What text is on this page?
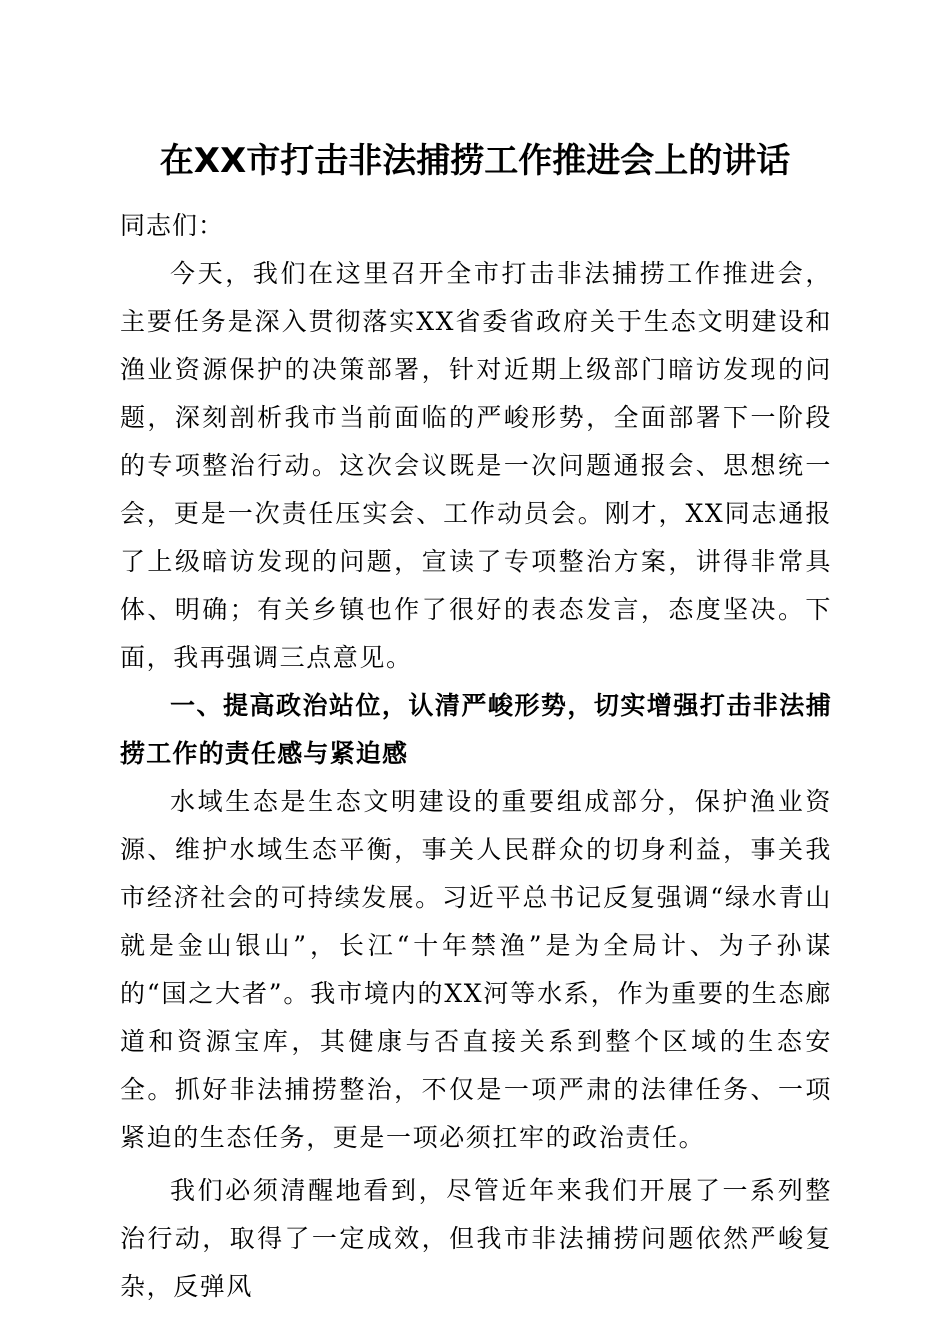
在XX市打击非法捕捞工作推进会上的讲话

同志们：

今天，我们在这里召开全市打击非法捕捞工作推进会，主要任务是深入贯彻落实XX省委省政府关于生态文明建设和渔业资源保护的决策部署，针对近期上级部门暗访发现的问题，深刻剖析我市当前面临的严峻形势，全面部署下一阶段的专项整治行动。这次会议既是一次问题通报会、思想统一会，更是一次责任压实会、工作动员会。刚才，XX同志通报了上级暗访发现的问题，宣读了专项整治方案，讲得非常具体、明确；有关乡镇也作了很好的表态发言，态度坚决。下面，我再强调三点意见。

一、提高政治站位，认清严峻形势，切实增强打击非法捕捞工作的责任感与紧迫感

水域生态是生态文明建设的重要组成部分，保护渔业资源、维护水域生态平衡，事关人民群众的切身利益，事关我市经济社会的可持续发展。习近平总书记反复强调“绿水青山就是金山银山”，长江“十年禁渔”是为全局计、为子孙谋的“国之大者”。我市境内的XX河等水系，作为重要的生态廊道和资源宝库，其健康与否直接关系到整个区域的生态安全。抓好非法捕捞整治，不仅是一项严肃的法律任务、一项紧迫的生态任务，更是一项必须扛牢的政治责任。

我们必须清醒地看到，尽管近年来我们开展了一系列整治行动，取得了一定成效，但我市非法捕捞问题依然严峻复杂，反弹风
